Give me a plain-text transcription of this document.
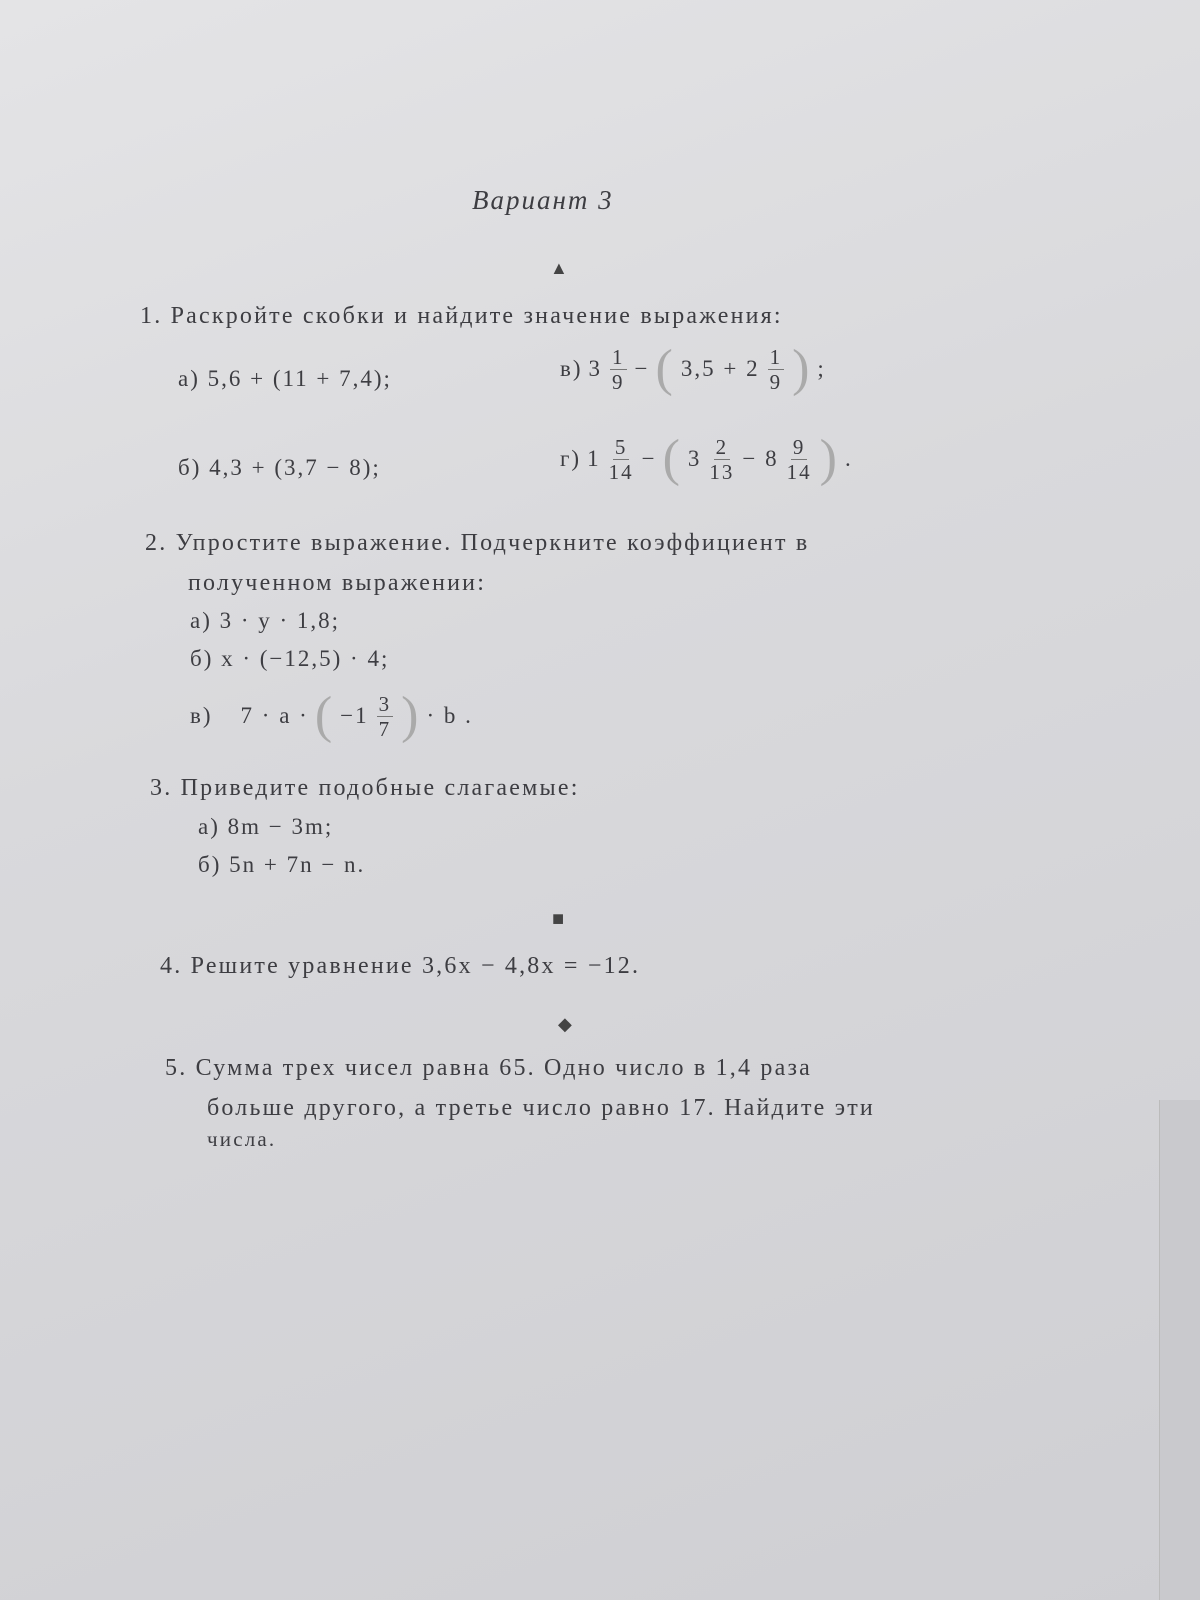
Вариант 3
▲
1. Раскройте скобки и найдите значение выражения:
а) 5,6 + (11 + 7,4);
б) 4,3 + (3,7 − 8);
в) $3 \frac{1}{9}$ − ( $3,5 + 2 \frac{1}{9}$ ) ;
г) $1 \frac{5}{14}$ − ( $3 \frac{2}{13} - 8 \frac{9}{14}$ ) .
2. Упростите выражение. Подчеркните коэффициент в
полученном выражении:
а) 3 · y · 1,8;
б) x · (−12,5) · 4;
в) 7 · a · ( $-1 \frac{3}{7}$ ) · b .
3. Приведите подобные слагаемые:
а) 8m − 3m;
б) 5n + 7n − n.
■
4. Решите уравнение 3,6x − 4,8x = −12.
◆
5. Сумма трех чисел равна 65. Одно число в 1,4 раза
больше другого, а третье число равно 17. Найдите эти
числа.
